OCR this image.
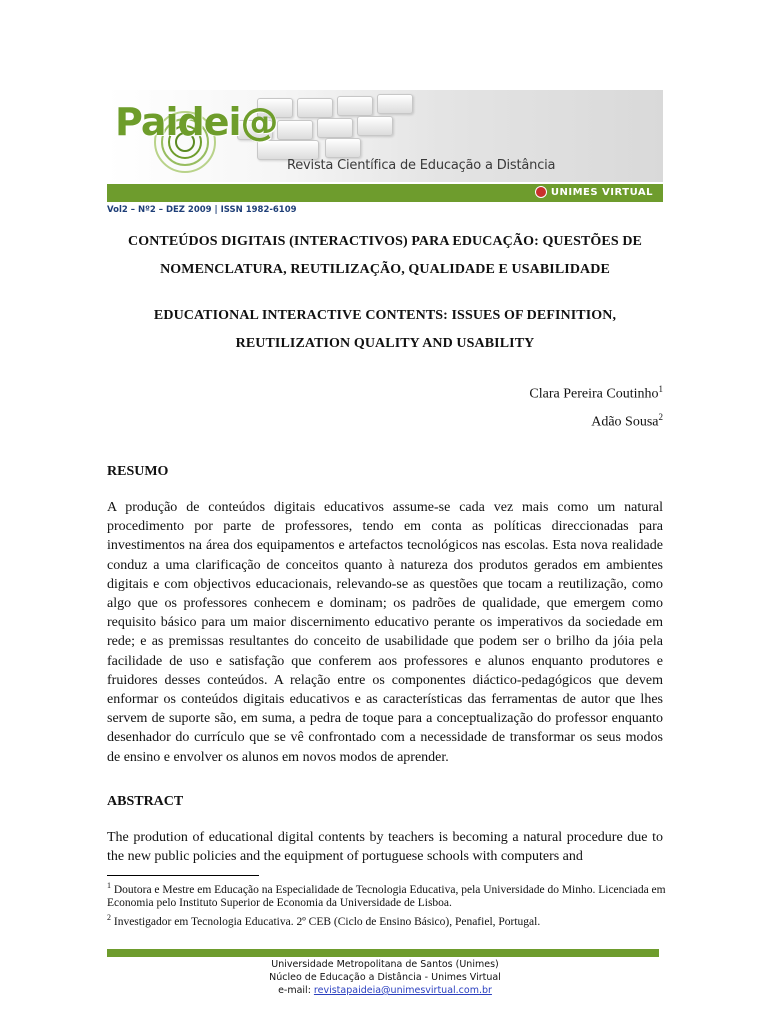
Paidei@
Revista Científica de Educação a Distância
UNIMES VIRTUAL
Vol2 – Nº2 – DEZ 2009 | ISSN 1982-6109
CONTEÚDOS DIGITAIS (INTERACTIVOS) PARA EDUCAÇÃO: QUESTÕES DE NOMENCLATURA, REUTILIZAÇÃO, QUALIDADE E USABILIDADE
EDUCATIONAL INTERACTIVE CONTENTS: ISSUES OF DEFINITION, REUTILIZATION QUALITY AND USABILITY
Clara Pereira Coutinho$^1$
Adão Sousa$^2$
RESUMO
A produção de conteúdos digitais educativos assume-se cada vez mais como um natural procedimento por parte de professores, tendo em conta as políticas direccionadas para investimentos na área dos equipamentos e artefactos tecnológicos nas escolas. Esta nova realidade conduz a uma clarificação de conceitos quanto à natureza dos produtos gerados em ambientes digitais e com objectivos educacionais, relevando-se as questões que tocam a reutilização, como algo que os professores conhecem e dominam; os padrões de qualidade, que emergem como requisito básico para um maior discernimento educativo perante os imperativos da sociedade em rede; e as premissas resultantes do conceito de usabilidade que podem ser o brilho da jóia pela facilidade de uso e satisfação que conferem aos professores e alunos enquanto produtores e fruidores desses conteúdos. A relação entre os componentes diáctico-pedagógicos que devem enformar os conteúdos digitais educativos e as características das ferramentas de autor que lhes servem de suporte são, em suma, a pedra de toque para a conceptualização do professor enquanto desenhador do currículo que se vê confrontado com a necessidade de transformar os seus modos de ensino e envolver os alunos em novos modos de aprender.
ABSTRACT
The prodution of educational digital contents by teachers is becoming a natural procedure due to the new public policies and the equipment of portuguese schools with computers and
$^1$ Doutora e Mestre em Educação na Especialidade de Tecnologia Educativa, pela Universidade do Minho. Licenciada em Economia pelo Instituto Superior de Economia da Universidade de Lisboa.
$^2$ Investigador em Tecnologia Educativa. 2º CEB (Ciclo de Ensino Básico), Penafiel, Portugal.
Universidade Metropolitana de Santos (Unimes)
Núcleo de Educação a Distância - Unimes Virtual
e-mail: revistapaideia@unimesvirtual.com.br
